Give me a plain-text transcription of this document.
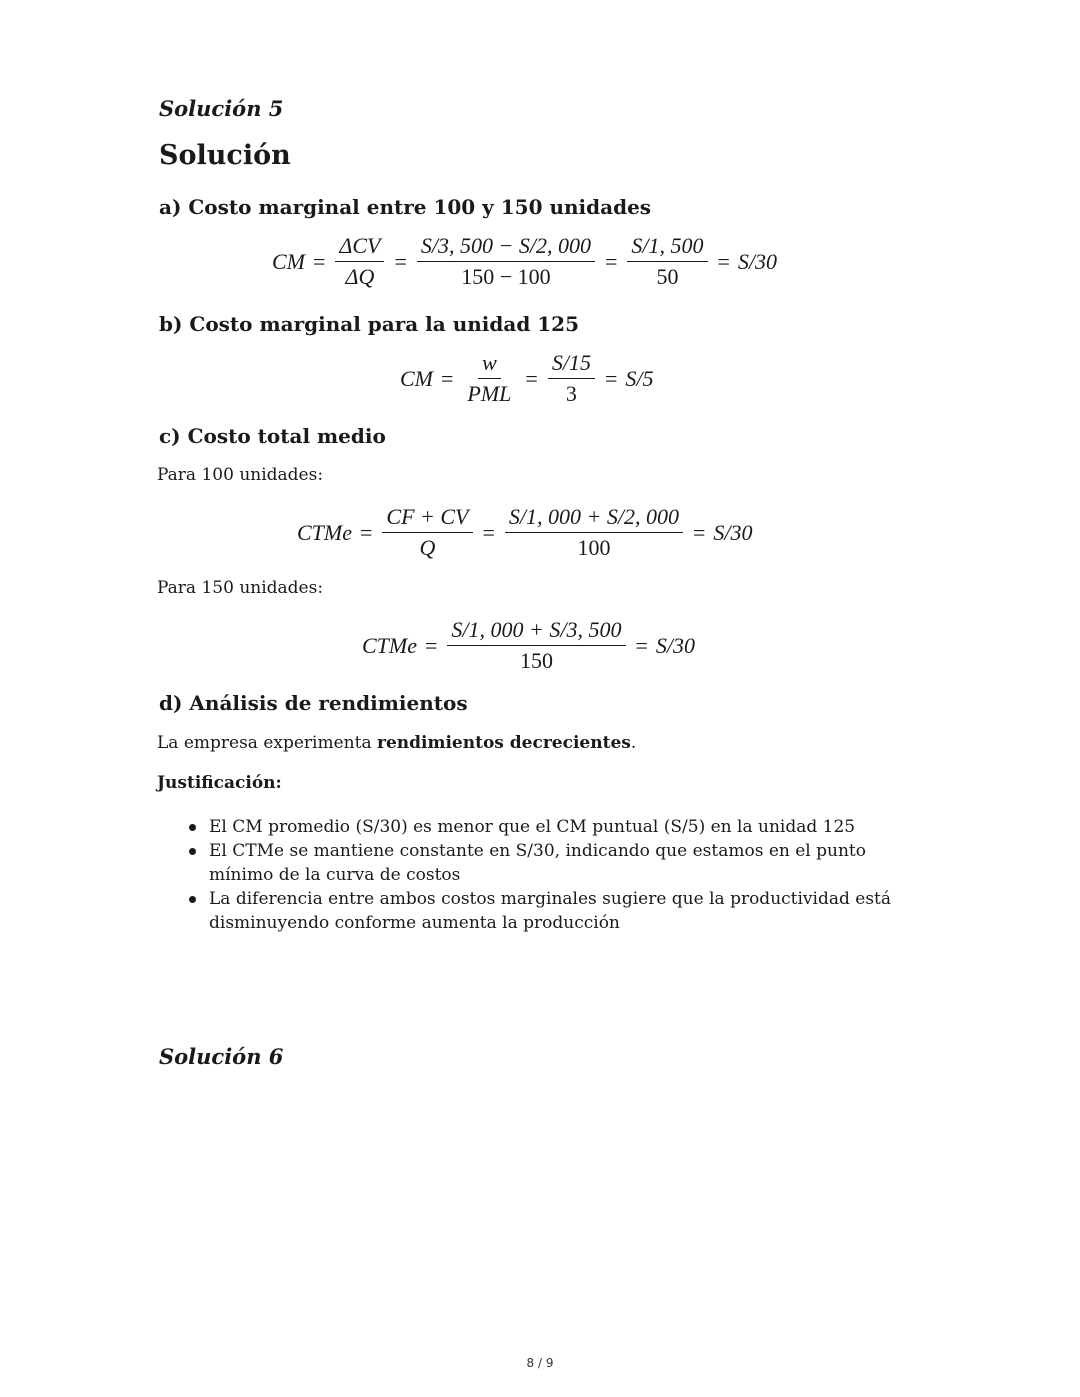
Solución 5
Solución
a) Costo marginal entre 100 y 150 unidades
CM = $\frac{\text{ΔCV}}{\Delta Q} = \frac{S/3, 500 - S/2, 000}{150 - 100} = \frac{S/1, 500}{50} = S/30$
b) Costo marginal para la unidad 125
CM = $\frac{w}{\text{PML}} = \frac{S/15}{3} = S/5$
c) Costo total medio
Para 100 unidades:
CTMe = $\frac{CF + CV}{Q} = \frac{S/1, 000 + S/2, 000}{100} = S/30$
Para 150 unidades:
CTMe = $\frac{S/1, 000 + S/3, 500}{150} = S/30$
d) Análisis de rendimientos
La empresa experimenta rendimientos decrecientes.
Justificación:
El CM promedio (S/30) es menor que el CM puntual (S/5) en la unidad 125
El CTMe se mantiene constante en S/30, indicando que estamos en el punto mínimo de la curva de costos
La diferencia entre ambos costos marginales sugiere que la productividad está disminuyendo conforme aumenta la producción
Solución 6
8 / 9
